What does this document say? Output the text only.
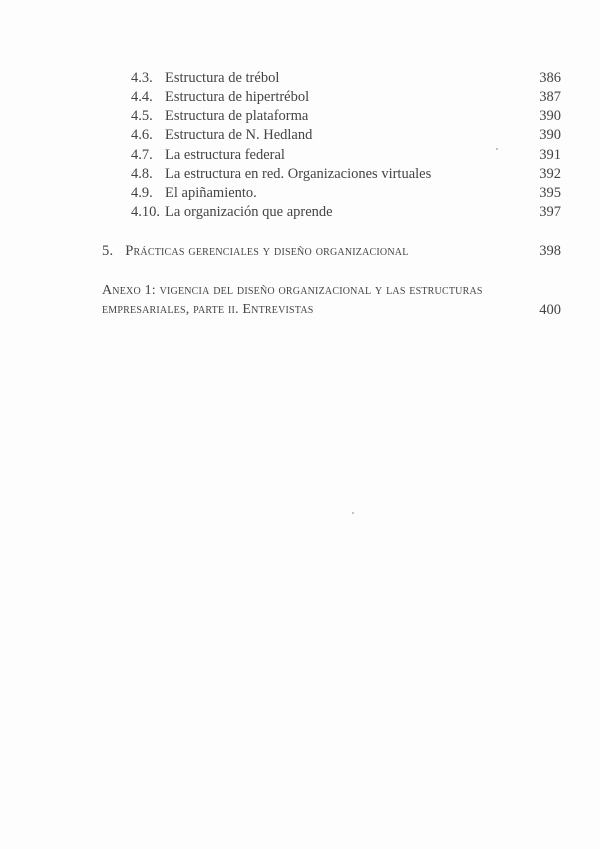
4.3. Estructura de trébol	386
4.4. Estructura de hipertrébol	387
4.5. Estructura de plataforma	390
4.6. Estructura de N. Hedland	390
4.7. La estructura federal	391
4.8. La estructura en red. Organizaciones virtuales	392
4.9. El apiñamiento.	395
4.10. La organización que aprende	397
5. Prácticas gerenciales y diseño organizacional	398
Anexo 1: vigencia del diseño organizacional y las estructuras
empresariales, parte ii. Entrevistas	400
